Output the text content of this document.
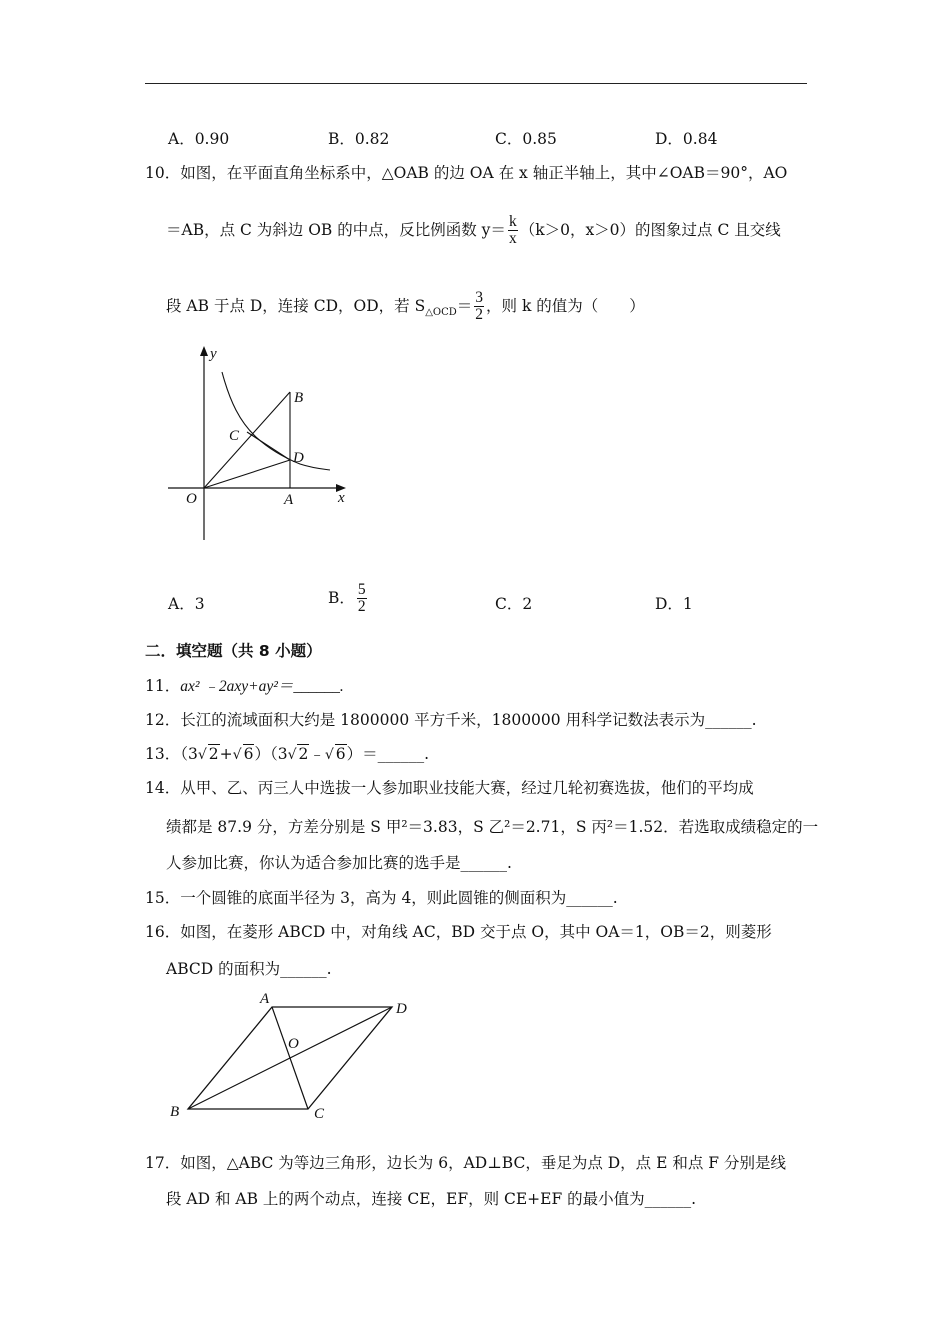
A．0.90	B．0.82	C．0.85	D．0.84
10．如图，在平面直角坐标系中，△OAB 的边 OA 在 x 轴正半轴上，其中∠OAB＝90°，AO
＝AB，点 C 为斜边 OB 的中点，反比例函数 $y= \frac{k}{x} (k>0$，x＞0）的图象过点 C 且交线
段 AB 于点 D，连接 CD，OD，若 $S_{\triangle OCD}= \frac{3}{2}$ ，则 k 的值为（　　）
y
x
O	A
B
C
D
A．3	B． $\frac{5}{2}$	C．2	D．1
二．填空题（共 8 小题）
11．ax² ﹣2axy+ay²＝______.
12．长江的流域面积大约是 1800000 平方千米，1800000 用科学记数法表示为______.
13．（3√ 2+√ 6）（3√ 2﹣√ 6）＝______.
14．从甲、乙、丙三人中选拔一人参加职业技能大赛，经过几轮初赛选拔，他们的平均成
绩都是 87.9 分，方差分别是 S 甲²＝3.83，S 乙²＝2.71，S 丙²＝1.52．若选取成绩稳定的一
人参加比赛，你认为适合参加比赛的选手是______.
15．一个圆锥的底面半径为 3，高为 4，则此圆锥的侧面积为______.
16．如图，在菱形 ABCD 中，对角线 AC，BD 交于点 O，其中 OA＝1，OB＝2，则菱形
ABCD 的面积为______.
A
D
B	C
O
17．如图，△ABC 为等边三角形，边长为 6，AD⊥BC，垂足为点 D，点 E 和点 F 分别是线
段 AD 和 AB 上的两个动点，连接 CE，EF，则 CE+EF 的最小值为______.
